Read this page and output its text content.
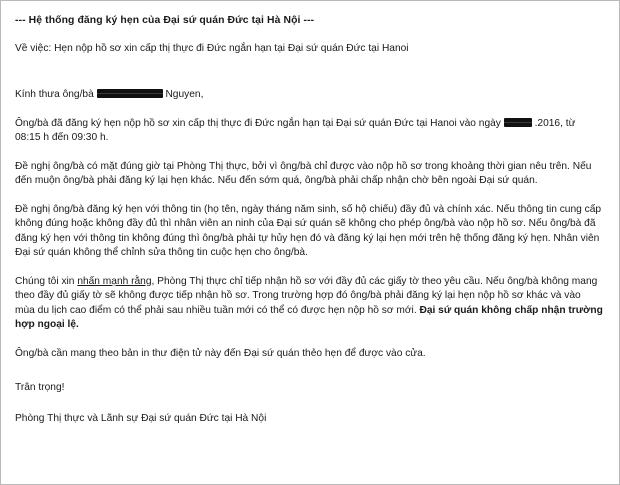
--- Hệ thống đăng ký hẹn của Đại sứ quán Đức tại Hà Nội ---

Về việc: Hẹn nộp hồ sơ xin cấp thị thực đi Đức ngắn hạn tại Đại sứ quán Đức tại Hanoi

Kính thưa ông/bà	Nguyen,

Ông/bà đã đăng ký hẹn nộp hồ sơ xin cấp thị thực đi Đức ngắn hạn tại Đại sứ quán Đức tại Hanoi vào ngày	.2016, từ 08:15 h đến 09:30 h.

Đề nghị ông/bà có mặt đúng giờ tại Phòng Thị thực, bởi vì ông/bà chỉ được vào nộp hồ sơ trong khoảng thời gian nêu trên. Nếu đến muộn ông/bà phải đăng ký lại hẹn khác. Nếu đến sớm quá, ông/bà phải chấp nhận chờ bên ngoài Đại sứ quán.

Đề nghị ông/bà đăng ký hẹn với thông tin (họ tên, ngày tháng năm sinh, số hộ chiếu) đầy đủ và chính xác. Nếu thông tin cung cấp không đúng hoặc không đầy đủ thì nhân viên an ninh của Đại sứ quán sẽ không cho phép ông/bà vào nộp hồ sơ. Nếu ông/bà đã đăng ký hẹn với thông tin không đúng thì ông/bà phải tự hủy hẹn đó và đăng ký lại hẹn mới trên hệ thống đăng ký hẹn. Nhân viên Đại sứ quán không thể chỉnh sửa thông tin cuộc hẹn cho ông/bà.

Chúng tôi xin nhấn mạnh rằng, Phòng Thị thực chỉ tiếp nhận hồ sơ với đầy đủ các giấy tờ theo yêu cầu. Nếu ông/bà không mang theo đầy đủ giấy tờ sẽ không được tiếp nhận hồ sơ. Trong trường hợp đó ông/bà phải đăng ký lại hẹn nộp hồ sơ khác và vào mùa du lịch cao điểm có thể phải sau nhiều tuần mới có thể có được hẹn nộp hồ sơ mới. Đại sứ quán không chấp nhận trường hợp ngoại lệ.

Ông/bà cần mang theo bản in thư điện tử này đến Đại sứ quán thẻo hẹn để được vào cửa.

Trân trọng!

Phòng Thị thực và Lãnh sự Đại sứ quán Đức tại Hà Nội
